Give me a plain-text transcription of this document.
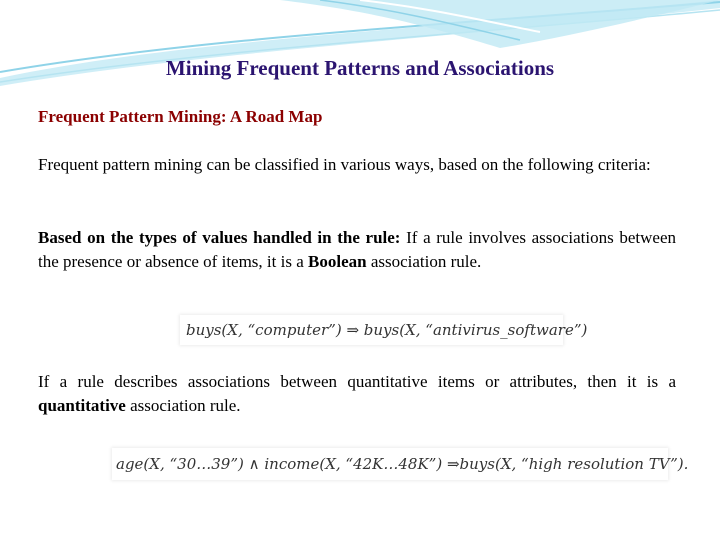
Mining Frequent Patterns and Associations
Frequent Pattern Mining: A Road Map
Frequent pattern mining can be classified in various ways, based on the following criteria:
Based on the types of values handled in the rule: If a rule involves associations between the presence or absence of items, it is a Boolean association rule.
buys(X, “computer”) ⇒ buys(X, “antivirus_software”)
If a rule describes associations between quantitative items or attributes, then it is a quantitative association rule.
age(X, “30…39”) ∧ income(X, “42K…48K”) ⇒buys(X, “high resolution TV”).
